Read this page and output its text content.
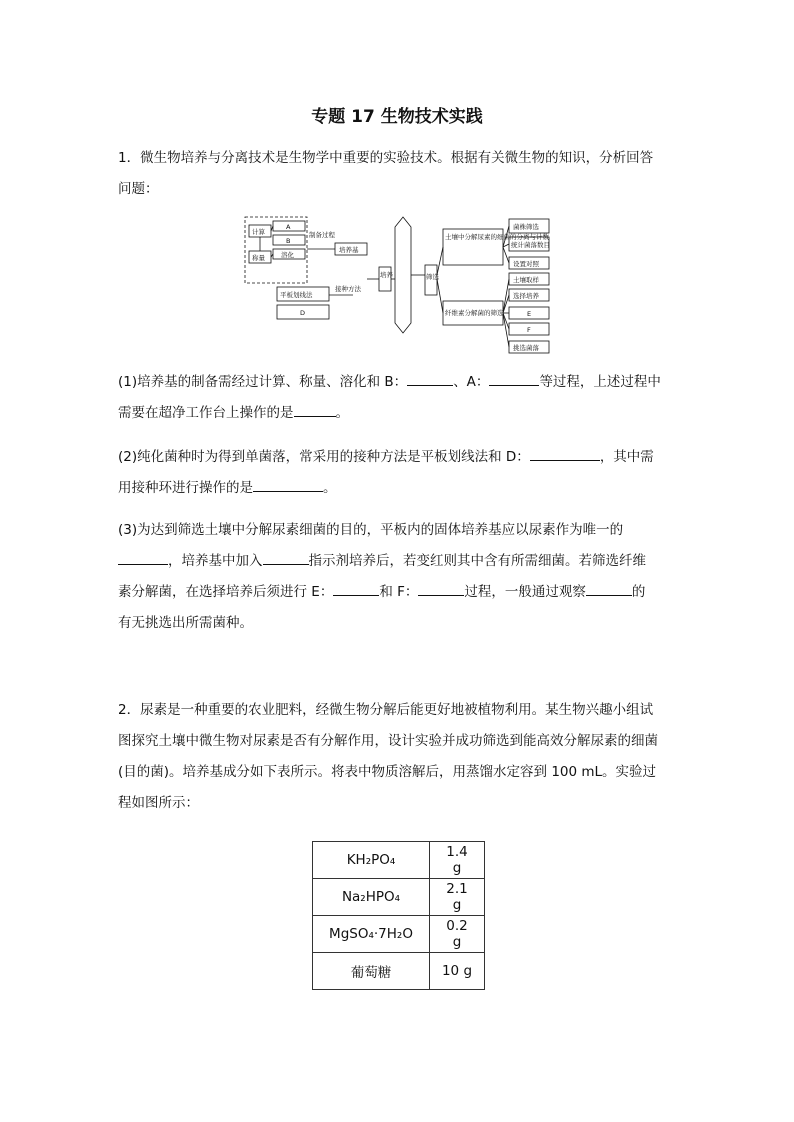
专题 17 生物技术实践

1．微生物培养与分离技术是生物学中重要的实验技术。根据有关微生物的知识，分析回答
问题：

计算
称量
A
B
溶化
制备过程
培养基
平板划线法
D
接种方法
培养	筛选
土壤中分解尿素的细菌的分离与计数
纤维素分解菌的筛选
菌株筛选
统计菌落数目
设置对照
土壤取样
选择培养
E
F
挑选菌落

(1)培养基的制备需经过计算、称量、溶化和 B：	、A：	等过程，上述过程中
需要在超净工作台上操作的是	。

(2)纯化菌种时为得到单菌落，常采用的接种方法是平板划线法和 D：	，其中需
用接种环进行操作的是	。

(3)为达到筛选土壤中分解尿素细菌的目的，平板内的固体培养基应以尿素作为唯一的
，培养基中加入	指示剂培养后，若变红则其中含有所需细菌。若筛选纤维
素分解菌，在选择培养后须进行 E：	和 F：	过程，一般通过观察	的
有无挑选出所需菌种。

2．尿素是一种重要的农业肥料，经微生物分解后能更好地被植物利用。某生物兴趣小组试
图探究土壤中微生物对尿素是否有分解作用，设计实验并成功筛选到能高效分解尿素的细菌
(目的菌)。培养基成分如下表所示。将表中物质溶解后，用蒸馏水定容到 100 mL。实验过
程如图所示：

KH₂PO₄	1.4 g
Na₂HPO₄	2.1 g
MgSO₄·7H₂O	0.2 g
葡萄糖	10 g
